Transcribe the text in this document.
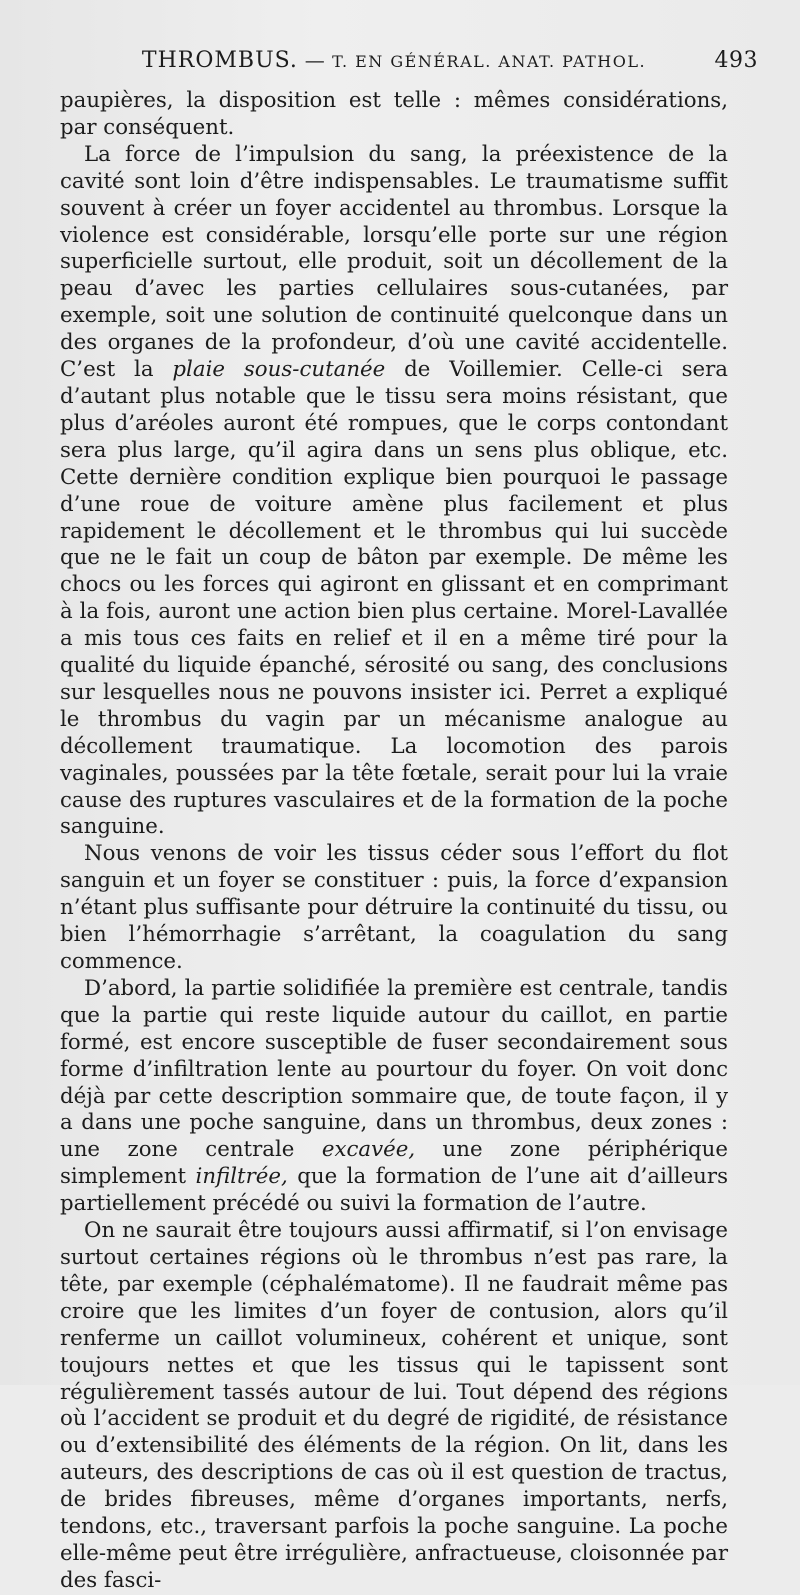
THROMBUS. — T. EN GÉNÉRAL. ANAT. PATHOL.	493

paupières, la disposition est telle : mêmes considérations, par conséquent.

La force de l’impulsion du sang, la préexistence de la cavité sont loin d’être indispensables. Le traumatisme suffit souvent à créer un foyer accidentel au thrombus. Lorsque la violence est considérable, lorsqu’elle porte sur une région superficielle surtout, elle produit, soit un décollement de la peau d’avec les parties cellulaires sous-cutanées, par exemple, soit une solution de continuité quelconque dans un des organes de la profondeur, d’où une cavité accidentelle. C’est la plaie sous-cutanée de Voillemier. Celle-ci sera d’autant plus notable que le tissu sera moins résistant, que plus d’aréoles auront été rompues, que le corps contondant sera plus large, qu’il agira dans un sens plus oblique, etc. Cette dernière condition explique bien pourquoi le passage d’une roue de voiture amène plus facilement et plus rapidement le décollement et le thrombus qui lui succède que ne le fait un coup de bâton par exemple. De même les chocs ou les forces qui agiront en glissant et en comprimant à la fois, auront une action bien plus certaine. Morel-Lavallée a mis tous ces faits en relief et il en a même tiré pour la qualité du liquide épanché, sérosité ou sang, des conclusions sur lesquelles nous ne pouvons insister ici. Perret a expliqué le thrombus du vagin par un mécanisme analogue au décollement traumatique. La locomotion des parois vaginales, poussées par la tête fœtale, serait pour lui la vraie cause des ruptures vasculaires et de la formation de la poche sanguine.

Nous venons de voir les tissus céder sous l’effort du flot sanguin et un foyer se constituer : puis, la force d’expansion n’étant plus suffisante pour détruire la continuité du tissu, ou bien l’hémorrhagie s’arrêtant, la coagulation du sang commence.

D’abord, la partie solidifiée la première est centrale, tandis que la partie qui reste liquide autour du caillot, en partie formé, est encore susceptible de fuser secondairement sous forme d’infiltration lente au pourtour du foyer. On voit donc déjà par cette description sommaire que, de toute façon, il y a dans une poche sanguine, dans un thrombus, deux zones : une zone centrale excavée, une zone périphérique simplement infiltrée, que la formation de l’une ait d’ailleurs partiellement précédé ou suivi la formation de l’autre.

On ne saurait être toujours aussi affirmatif, si l’on envisage surtout certaines régions où le thrombus n’est pas rare, la tête, par exemple (céphalématome). Il ne faudrait même pas croire que les limites d’un foyer de contusion, alors qu’il renferme un caillot volumineux, cohérent et unique, sont toujours nettes et que les tissus qui le tapissent sont régulièrement tassés autour de lui. Tout dépend des régions où l’accident se produit et du degré de rigidité, de résistance ou d’extensibilité des éléments de la région. On lit, dans les auteurs, des descriptions de cas où il est question de tractus, de brides fibreuses, même d’organes importants, nerfs, tendons, etc., traversant parfois la poche sanguine. La poche elle-même peut être irrégulière, anfractueuse, cloisonnée par des fasci-
